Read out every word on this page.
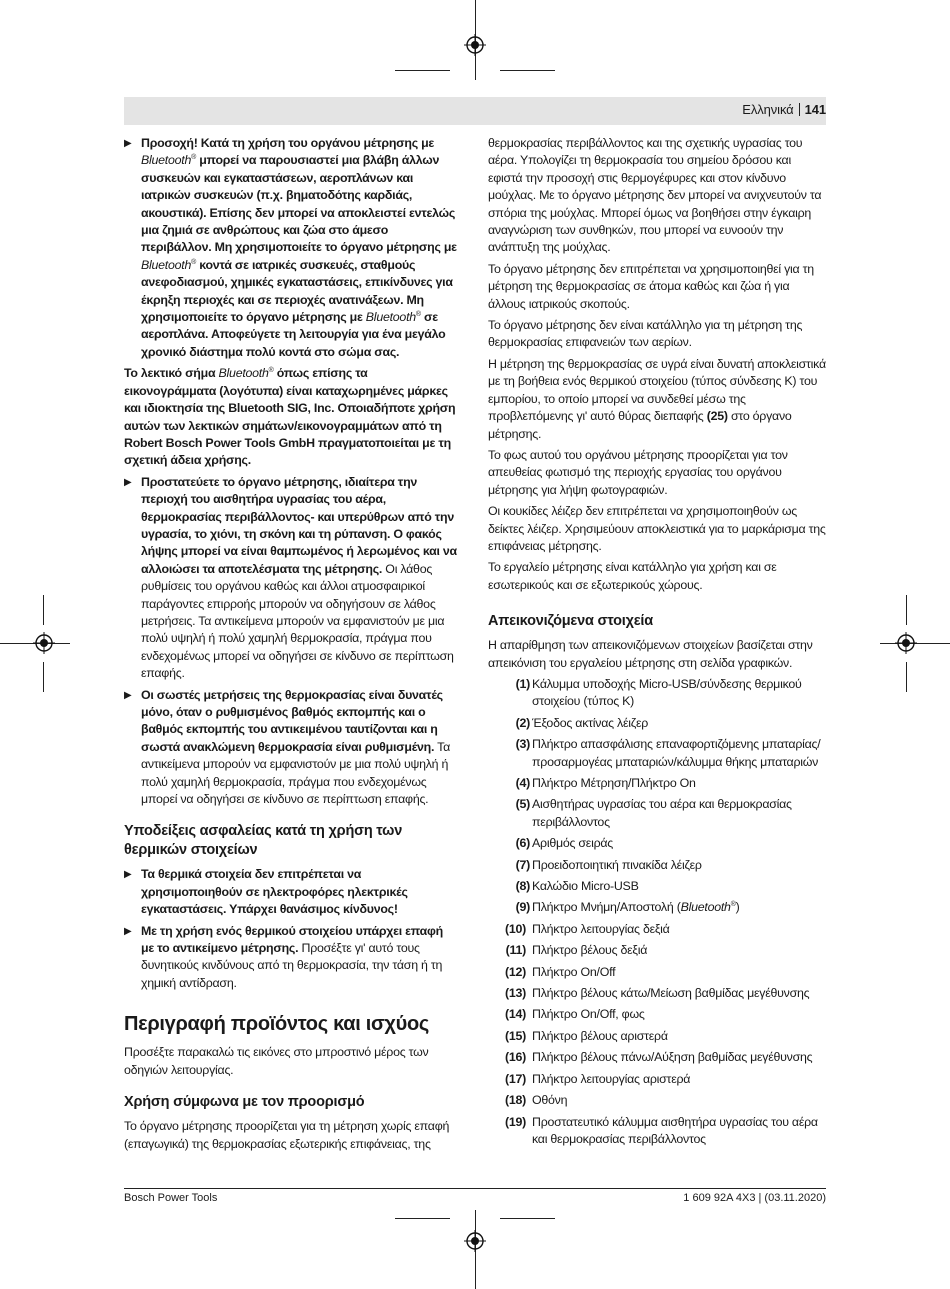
Ελληνικά 141
▶ Προσοχή! Κατά τη χρήση του οργάνου μέτρησης με Bluetooth® μπορεί να παρουσιαστεί μια βλάβη άλλων συσκευών και εγκαταστάσεων, αεροπλάνων και ιατρικών συσκευών (π.χ. βηματοδότης καρδιάς, ακουστικά). Επίσης δεν μπορεί να αποκλειστεί εντελώς μια ζημιά σε ανθρώπους και ζώα στο άμεσο περιβάλλον. Μη χρησιμοποιείτε το όργανο μέτρησης με Bluetooth® κοντά σε ιατρικές συσκευές, σταθμούς ανεφοδιασμού, χημικές εγκαταστάσεις, επικίνδυνες για έκρηξη περιοχές και σε περιοχές ανατινάξεων. Μη χρησιμοποιείτε το όργανο μέτρησης με Bluetooth® σε αεροπλάνα. Αποφεύγετε τη λειτουργία για ένα μεγάλο χρονικό διάστημα πολύ κοντά στο σώμα σας.

Το λεκτικό σήμα Bluetooth® όπως επίσης τα εικονογράμματα (λογότυπα) είναι καταχωρημένες μάρκες και ιδιοκτησία της Bluetooth SIG, Inc. Οποιαδήποτε χρήση αυτών των λεκτικών σημάτων/εικονογραμμάτων από τη Robert Bosch Power Tools GmbH πραγματοποιείται με τη σχετική άδεια χρήσης.

▶ Προστατεύετε το όργανο μέτρησης, ιδιαίτερα την περιοχή του αισθητήρα υγρασίας του αέρα, θερμοκρασίας περιβάλλοντος- και υπερύθρων από την υγρασία, το χιόνι, τη σκόνη και τη ρύπανση. Ο φακός λήψης μπορεί να είναι θαμπωμένος ή λερωμένος και να αλλοιώσει τα αποτελέσματα της μέτρησης. Οι λάθος ρυθμίσεις του οργάνου καθώς και άλλοι ατμοσφαιρικοί παράγοντες επιρροής μπορούν να οδηγήσουν σε λάθος μετρήσεις. Τα αντικείμενα μπορούν να εμφανιστούν με μια πολύ υψηλή ή πολύ χαμηλή θερμοκρασία, πράγμα που ενδεχομένως μπορεί να οδηγήσει σε κίνδυνο σε περίπτωση επαφής.
▶ Οι σωστές μετρήσεις της θερμοκρασίας είναι δυνατές μόνο, όταν ο ρυθμισμένος βαθμός εκπομπής και ο βαθμός εκπομπής του αντικειμένου ταυτίζονται και η σωστά ανακλώμενη θερμοκρασία είναι ρυθμισμένη. Τα αντικείμενα μπορούν να εμφανιστούν με μια πολύ υψηλή ή πολύ χαμηλή θερμοκρασία, πράγμα που ενδεχομένως μπορεί να οδηγήσει σε κίνδυνο σε περίπτωση επαφής.
Υποδείξεις ασφαλείας κατά τη χρήση των θερμικών στοιχείων
▶ Τα θερμικά στοιχεία δεν επιτρέπεται να χρησιμοποιηθούν σε ηλεκτροφόρες ηλεκτρικές εγκαταστάσεις. Υπάρχει θανάσιμος κίνδυνος!
▶ Με τη χρήση ενός θερμικού στοιχείου υπάρχει επαφή με το αντικείμενο μέτρησης. Προσέξτε γι' αυτό τους δυνητικούς κινδύνους από τη θερμοκρασία, την τάση ή τη χημική αντίδραση.
Περιγραφή προϊόντος και ισχύος

Προσέξτε παρακαλώ τις εικόνες στο μπροστινό μέρος των οδηγιών λειτουργίας.

Χρήση σύμφωνα με τον προορισμό

Το όργανο μέτρησης προορίζεται για τη μέτρηση χωρίς επαφή (επαγωγικά) της θερμοκρασίας εξωτερικής επιφάνειας, της

θερμοκρασίας περιβάλλοντος και της σχετικής υγρασίας του αέρα. Υπολογίζει τη θερμοκρασία του σημείου δρόσου και εφιστά την προσοχή στις θερμογέφυρες και στον κίνδυνο μούχλας. Με το όργανο μέτρησης δεν μπορεί να ανιχνευτούν τα σπόρια της μούχλας. Μπορεί όμως να βοηθήσει στην έγκαιρη αναγνώριση των συνθηκών, που μπορεί να ευνοούν την ανάπτυξη της μούχλας.

Το όργανο μέτρησης δεν επιτρέπεται να χρησιμοποιηθεί για τη μέτρηση της θερμοκρασίας σε άτομα καθώς και ζώα ή για άλλους ιατρικούς σκοπούς.

Το όργανο μέτρησης δεν είναι κατάλληλο για τη μέτρηση της θερμοκρασίας επιφανειών των αερίων.

Η μέτρηση της θερμοκρασίας σε υγρά είναι δυνατή αποκλειστικά με τη βοήθεια ενός θερμικού στοιχείου (τύπος σύνδεσης K) του εμπορίου, το οποίο μπορεί να συνδεθεί μέσω της προβλεπόμενης γι' αυτό θύρας διεπαφής (25) στο όργανο μέτρησης.

Το φως αυτού του οργάνου μέτρησης προορίζεται για τον απευθείας φωτισμό της περιοχής εργασίας του οργάνου μέτρησης για λήψη φωτογραφιών.

Οι κουκίδες λέιζερ δεν επιτρέπεται να χρησιμοποιηθούν ως δείκτες λέιζερ. Χρησιμεύουν αποκλειστικά για το μαρκάρισμα της επιφάνειας μέτρησης.

Το εργαλείο μέτρησης είναι κατάλληλο για χρήση και σε εσωτερικούς και σε εξωτερικούς χώρους.

Απεικονιζόμενα στοιχεία

Η απαρίθμηση των απεικονιζόμενων στοιχείων βασίζεται στην απεικόνιση του εργαλείου μέτρησης στη σελίδα γραφικών.

(1) Κάλυμμα υποδοχής Micro-USB/σύνδεσης θερμικού στοιχείου (τύπος K)
(2) Έξοδος ακτίνας λέιζερ
(3) Πλήκτρο απασφάλισης επαναφορτιζόμενης μπαταρίας/προσαρμογέας μπαταριών/κάλυμμα θήκης μπαταριών
(4) Πλήκτρο Μέτρηση/Πλήκτρο On
(5) Αισθητήρας υγρασίας του αέρα και θερμοκρασίας περιβάλλοντος
(6) Αριθμός σειράς
(7) Προειδοποιητική πινακίδα λέιζερ
(8) Καλώδιο Micro-USB
(9) Πλήκτρο Μνήμη/Αποστολή (Bluetooth®)
(10) Πλήκτρο λειτουργίας δεξιά
(11) Πλήκτρο βέλους δεξιά
(12) Πλήκτρο On/Off
(13) Πλήκτρο βέλους κάτω/Μείωση βαθμίδας μεγέθυνσης
(14) Πλήκτρο On/Off, φως
(15) Πλήκτρο βέλους αριστερά
(16) Πλήκτρο βέλους πάνω/Αύξηση βαθμίδας μεγέθυνσης
(17) Πλήκτρο λειτουργίας αριστερά
(18) Οθόνη
(19) Προστατευτικό κάλυμμα αισθητήρα υγρασίας του αέρα και θερμοκρασίας περιβάλλοντος
Bosch Power Tools	1 609 92A 4X3 | (03.11.2020)
